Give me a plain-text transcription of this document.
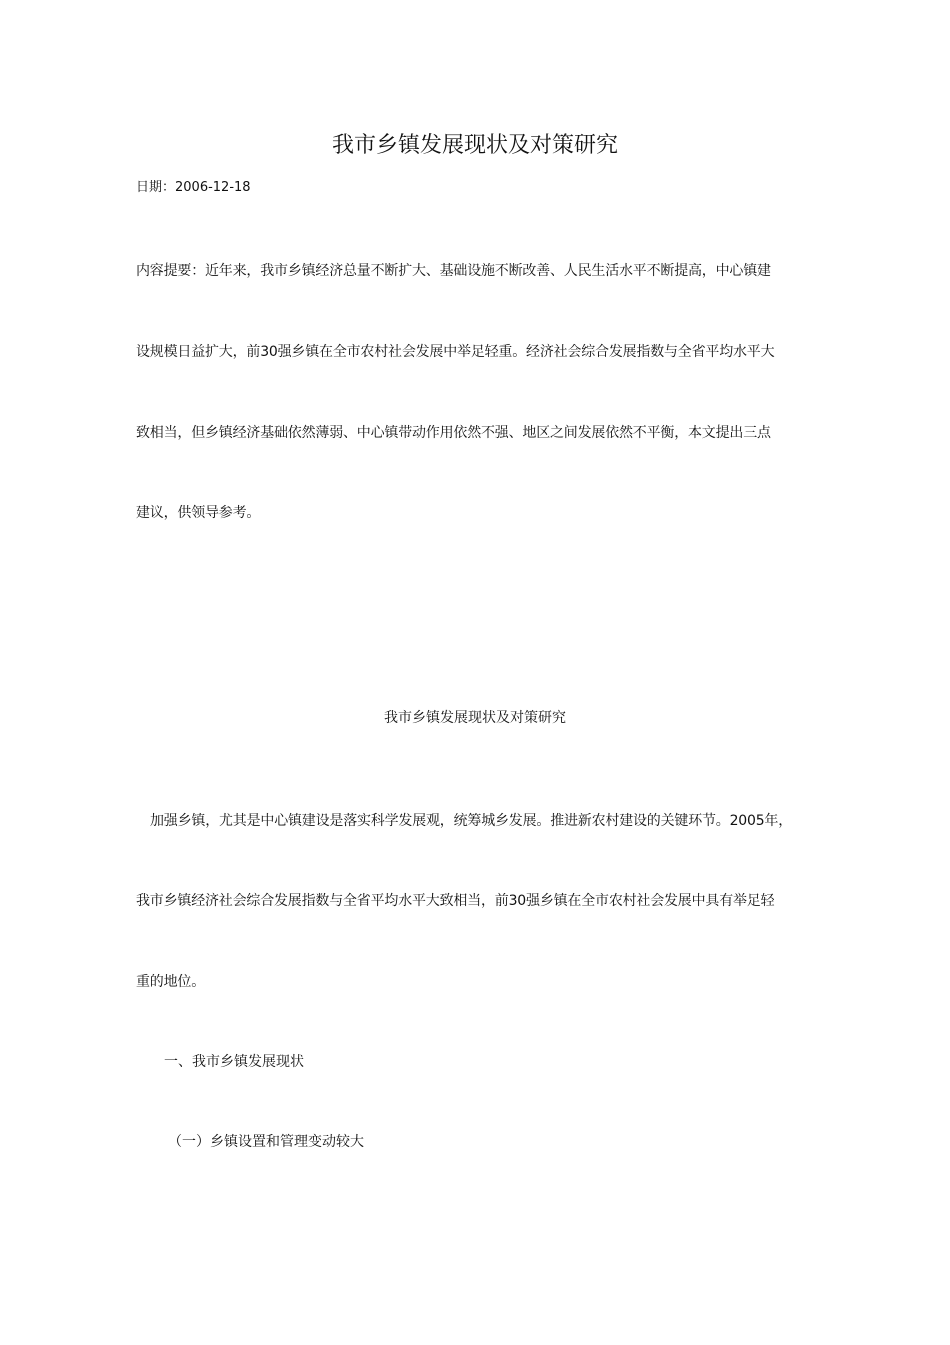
我市乡镇发展现状及对策研究
日期：2006-12-18
内容提要：近年来，我市乡镇经济总量不断扩大、基础设施不断改善、人民生活水平不断提高，中心镇建
设规模日益扩大，前30强乡镇在全市农村社会发展中举足轻重。经济社会综合发展指数与全省平均水平大
致相当，但乡镇经济基础依然薄弱、中心镇带动作用依然不强、地区之间发展依然不平衡，本文提出三点
建议，供领导参考。
我市乡镇发展现状及对策研究
加强乡镇，尤其是中心镇建设是落实科学发展观，统筹城乡发展。推进新农村建设的关键环节。2005年，
我市乡镇经济社会综合发展指数与全省平均水平大致相当，前30强乡镇在全市农村社会发展中具有举足轻
重的地位。
一、我市乡镇发展现状
（一）乡镇设置和管理变动较大
